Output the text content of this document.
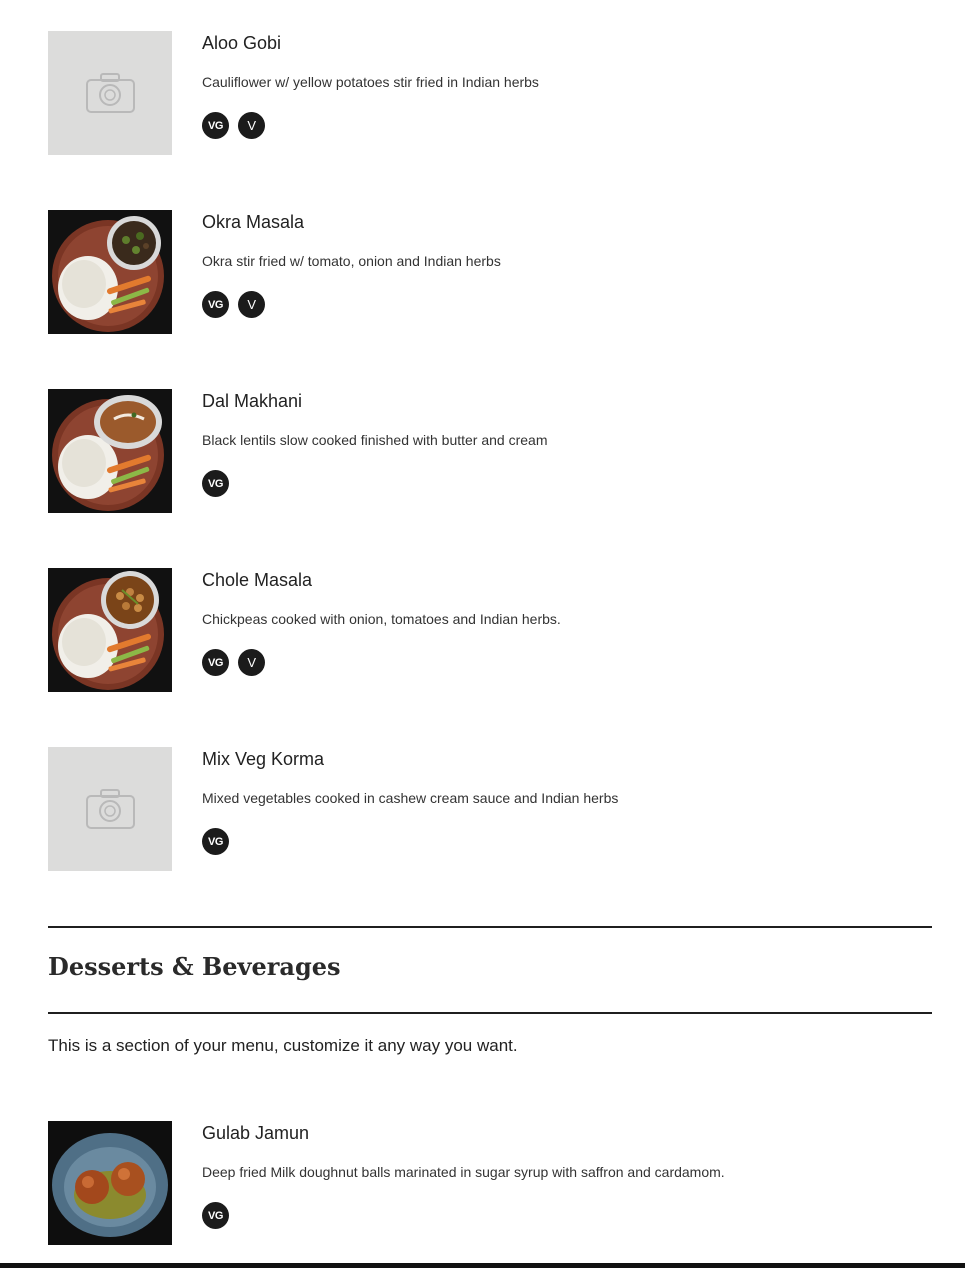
Aloo Gobi
Cauliflower w/ yellow potatoes stir fried in Indian herbs
VG	V
Okra Masala
Okra stir fried w/ tomato, onion and Indian herbs
VG	V
Dal Makhani
Black lentils slow cooked finished with butter and cream
VG
Chole Masala
Chickpeas cooked with onion, tomatoes and Indian herbs.
VG	V
Mix Veg Korma
Mixed vegetables cooked in cashew cream sauce and Indian herbs
VG
Desserts & Beverages
This is a section of your menu, customize it any way you want.
Gulab Jamun
Deep fried Milk doughnut balls marinated in sugar syrup with saffron and cardamom.
VG
